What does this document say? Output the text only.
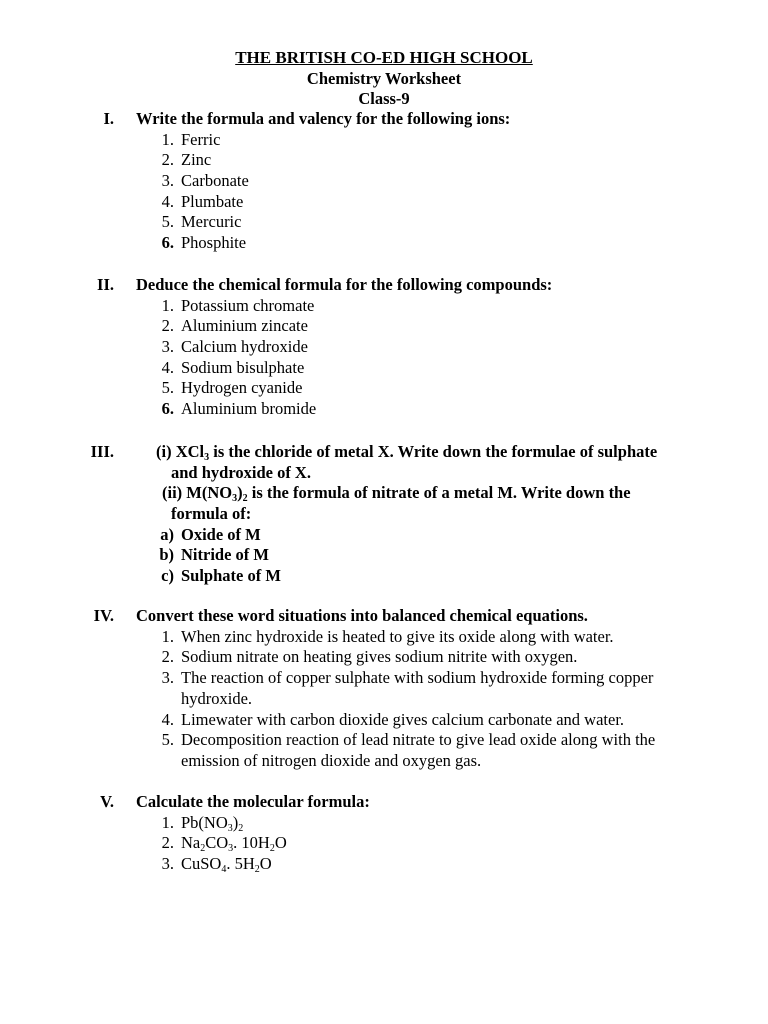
THE BRITISH CO-ED HIGH SCHOOL
Chemistry Worksheet
Class-9
I. Write the formula and valency for the following ions:
1. Ferric
2. Zinc
3. Carbonate
4. Plumbate
5. Mercuric
6. Phosphite
II. Deduce the chemical formula for the following compounds:
1. Potassium chromate
2. Aluminium zincate
3. Calcium hydroxide
4. Sodium bisulphate
5. Hydrogen cyanide
6. Aluminium bromide
III.	(i) XCl$_3$ is the chloride of metal X. Write down the formulae of sulphate
and hydroxide of X.
(ii) $M(NO_3)_2$ is the formula of nitrate of a metal M. Write down the
formula of:
a) Oxide of M
b) Nitride of M
c) Sulphate of M
IV. Convert these word situations into balanced chemical equations.
1. When zinc hydroxide is heated to give its oxide along with water.
2. Sodium nitrate on heating gives sodium nitrite with oxygen.
3. The reaction of copper sulphate with sodium hydroxide forming copper hydroxide.
4. Limewater with carbon dioxide gives calcium carbonate and water.
5. Decomposition reaction of lead nitrate to give lead oxide along with the emission of nitrogen dioxide and oxygen gas.
V. Calculate the molecular formula:
1. $Pb(NO_3)_2$
2. $Na_2CO_3$. $10H_2O$
3. CuSO$_4$. $5H_2O$
